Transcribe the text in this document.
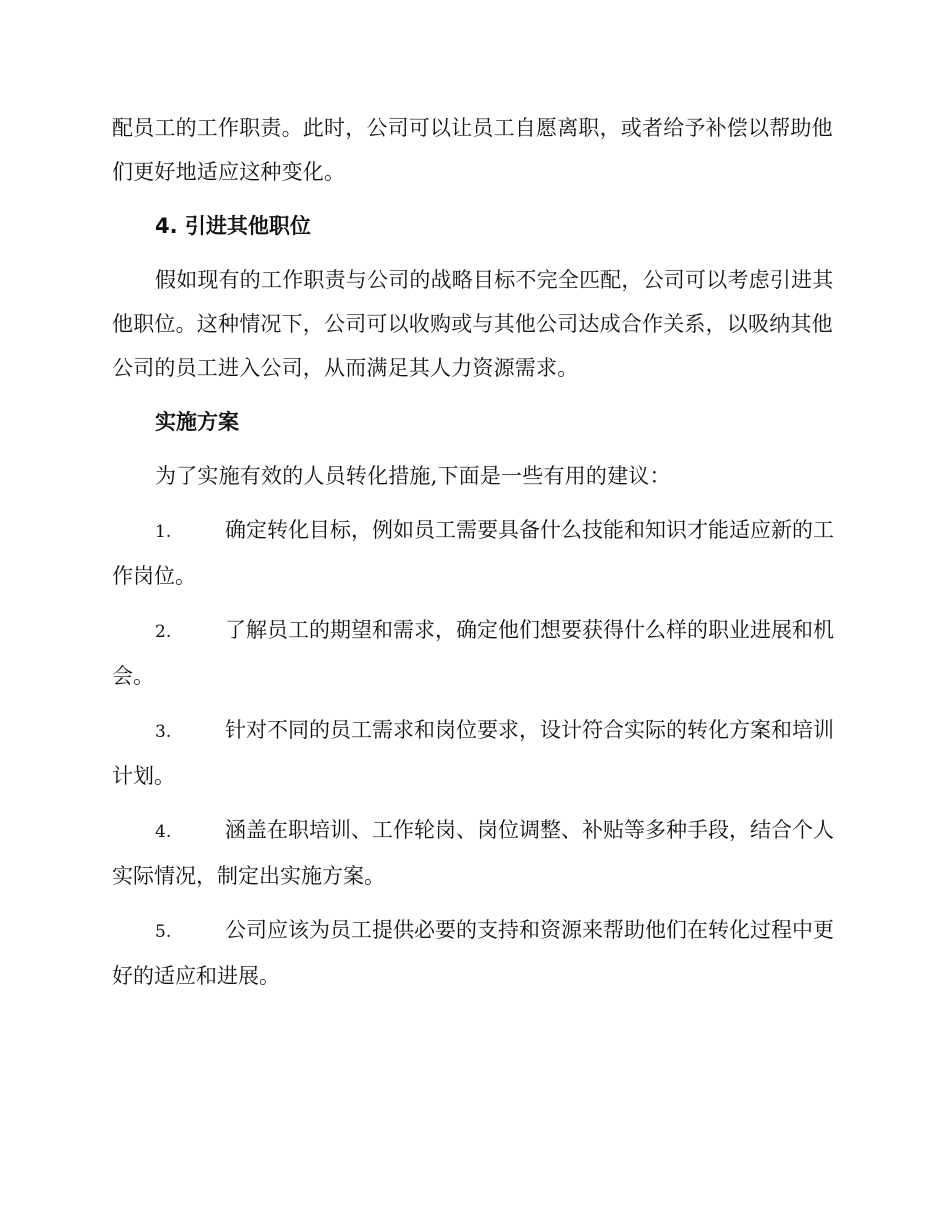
配员工的工作职责。此时，公司可以让员工自愿离职，或者给予补偿以帮助他们更好地适应这种变化。

4. 引进其他职位

假如现有的工作职责与公司的战略目标不完全匹配，公司可以考虑引进其他职位。这种情况下，公司可以收购或与其他公司达成合作关系，以吸纳其他公司的员工进入公司，从而满足其人力资源需求。

实施方案

为了实施有效的人员转化措施,下面是一些有用的建议：

1.	确定转化目标，例如员工需要具备什么技能和知识才能适应新的工作岗位。
2.	了解员工的期望和需求，确定他们想要获得什么样的职业进展和机会。
3.	针对不同的员工需求和岗位要求，设计符合实际的转化方案和培训计划。
4.	涵盖在职培训、工作轮岗、岗位调整、补贴等多种手段，结合个人实际情况，制定出实施方案。
5.	公司应该为员工提供必要的支持和资源来帮助他们在转化过程中更好的适应和进展。
